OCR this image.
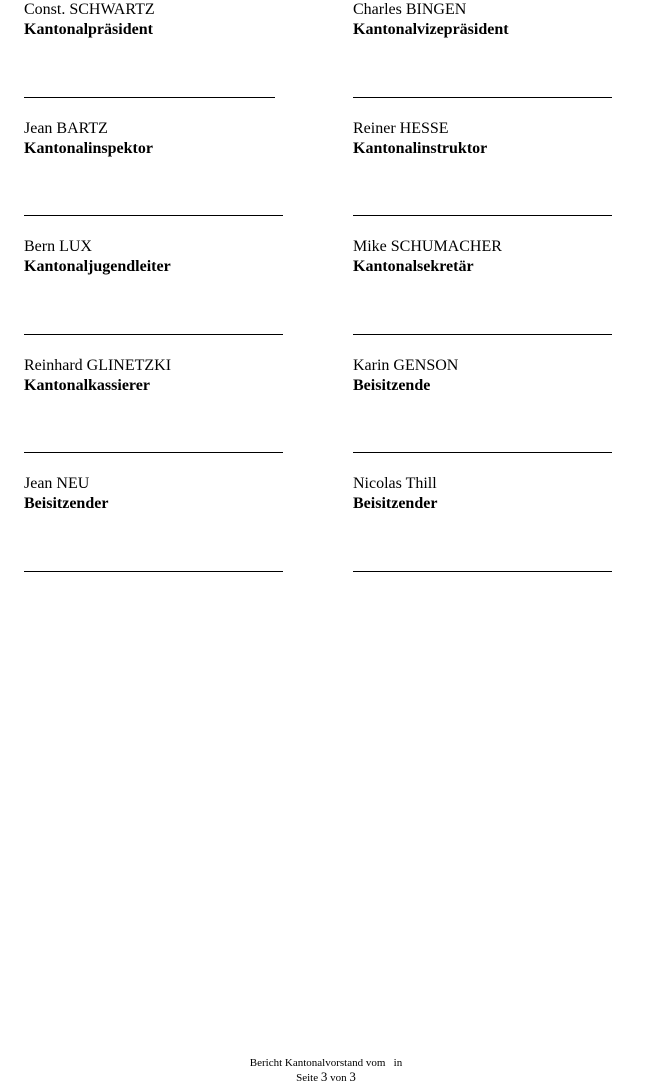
Const. SCHWARTZ
Kantonalpräsident
Charles BINGEN
Kantonalvizepräsident
Jean BARTZ
Kantonalinspektor
Reiner HESSE
Kantonalinstruktor
Bern LUX
Kantonaljugendleiter
Mike SCHUMACHER
Kantonalsekretär
Reinhard GLINETZKI
Kantonalkassierer
Karin GENSON
Beisitzende
Jean NEU
Beisitzender
Nicolas Thill
Beisitzender
Bericht Kantonalvorstand vom   in
Seite 3 von 3
